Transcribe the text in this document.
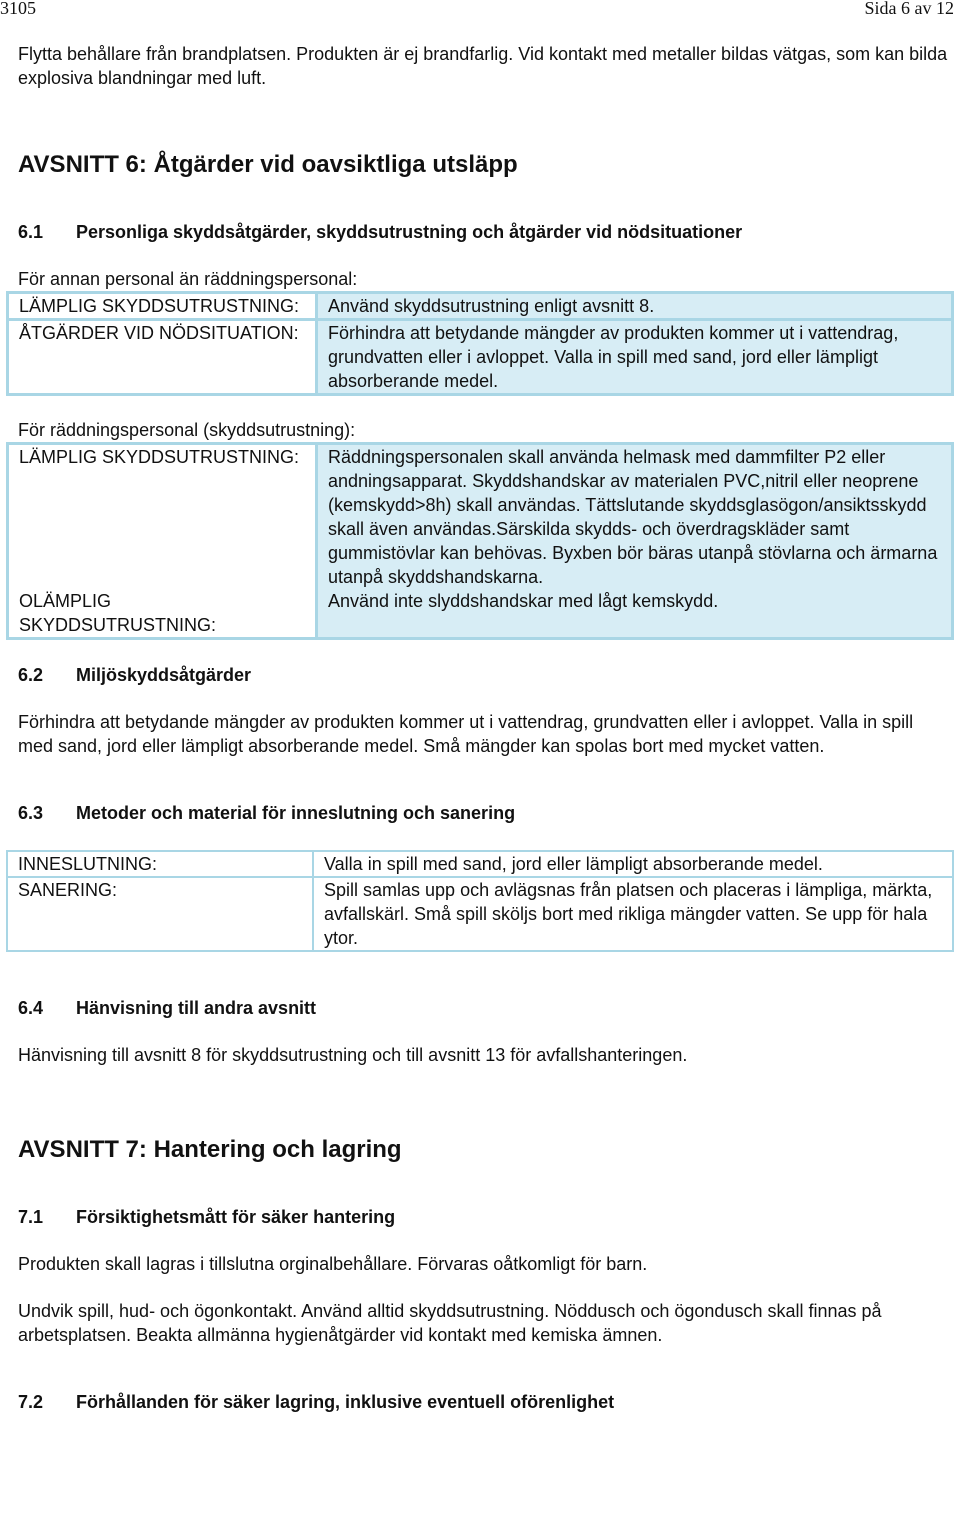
3105	Sida 6 av 12

Flytta behållare från brandplatsen. Produkten är ej brandfarlig. Vid kontakt med metaller bildas vätgas, som kan bilda explosiva blandningar med luft.

AVSNITT 6: Åtgärder vid oavsiktliga utsläpp
6.1 Personliga skyddsåtgärder, skyddsutrustning och åtgärder vid nödsituationer

För annan personal än räddningspersonal:

LÄMPLIG SKYDDSUTRUSTNING:	Använd skyddsutrustning enligt avsnitt 8.
ÅTGÄRDER VID NÖDSITUATION:	Förhindra att betydande mängder av produkten kommer ut i vattendrag, grundvatten eller i avloppet. Valla in spill med sand, jord eller lämpligt absorberande medel.

För räddningspersonal (skyddsutrustning):

LÄMPLIG SKYDDSUTRUSTNING:	Räddningspersonalen skall använda helmask med dammfilter P2 eller andningsapparat. Skyddshandskar av materialen PVC,nitril eller neoprene (kemskydd>8h) skall användas. Tättslutande skyddsglasögon/ansiktsskydd skall även användas.Särskilda skydds- och överdragskläder samt gummistövlar kan behövas. Byxben bör bäras utanpå stövlarna och ärmarna utanpå skyddshandskarna.
OLÄMPLIG SKYDDSUTRUSTNING:	Använd inte slyddshandskar med lågt kemskydd.
6.2 Miljöskyddsåtgärder

Förhindra att betydande mängder av produkten kommer ut i vattendrag, grundvatten eller i avloppet. Valla in spill med sand, jord eller lämpligt absorberande medel. Små mängder kan spolas bort med mycket vatten.

6.3 Metoder och material för inneslutning och sanering
INNESLUTNING:	Valla in spill med sand, jord eller lämpligt absorberande medel.
SANERING:	Spill samlas upp och avlägsnas från platsen och placeras i lämpliga, märkta, avfallskärl. Små spill sköljs bort med rikliga mängder vatten. Se upp för hala ytor.
6.4 Hänvisning till andra avsnitt

Hänvisning till avsnitt 8 för skyddsutrustning och till avsnitt 13 för avfallshanteringen.

AVSNITT 7: Hantering och lagring
7.1 Försiktighetsmått för säker hantering

Produkten skall lagras i tillslutna orginalbehållare. Förvaras oåtkomligt för barn.

Undvik spill, hud- och ögonkontakt. Använd alltid skyddsutrustning. Nöddusch och ögondusch skall finnas på arbetsplatsen. Beakta allmänna hygienåtgärder vid kontakt med kemiska ämnen.

7.2 Förhållanden för säker lagring, inklusive eventuell oförenlighet
